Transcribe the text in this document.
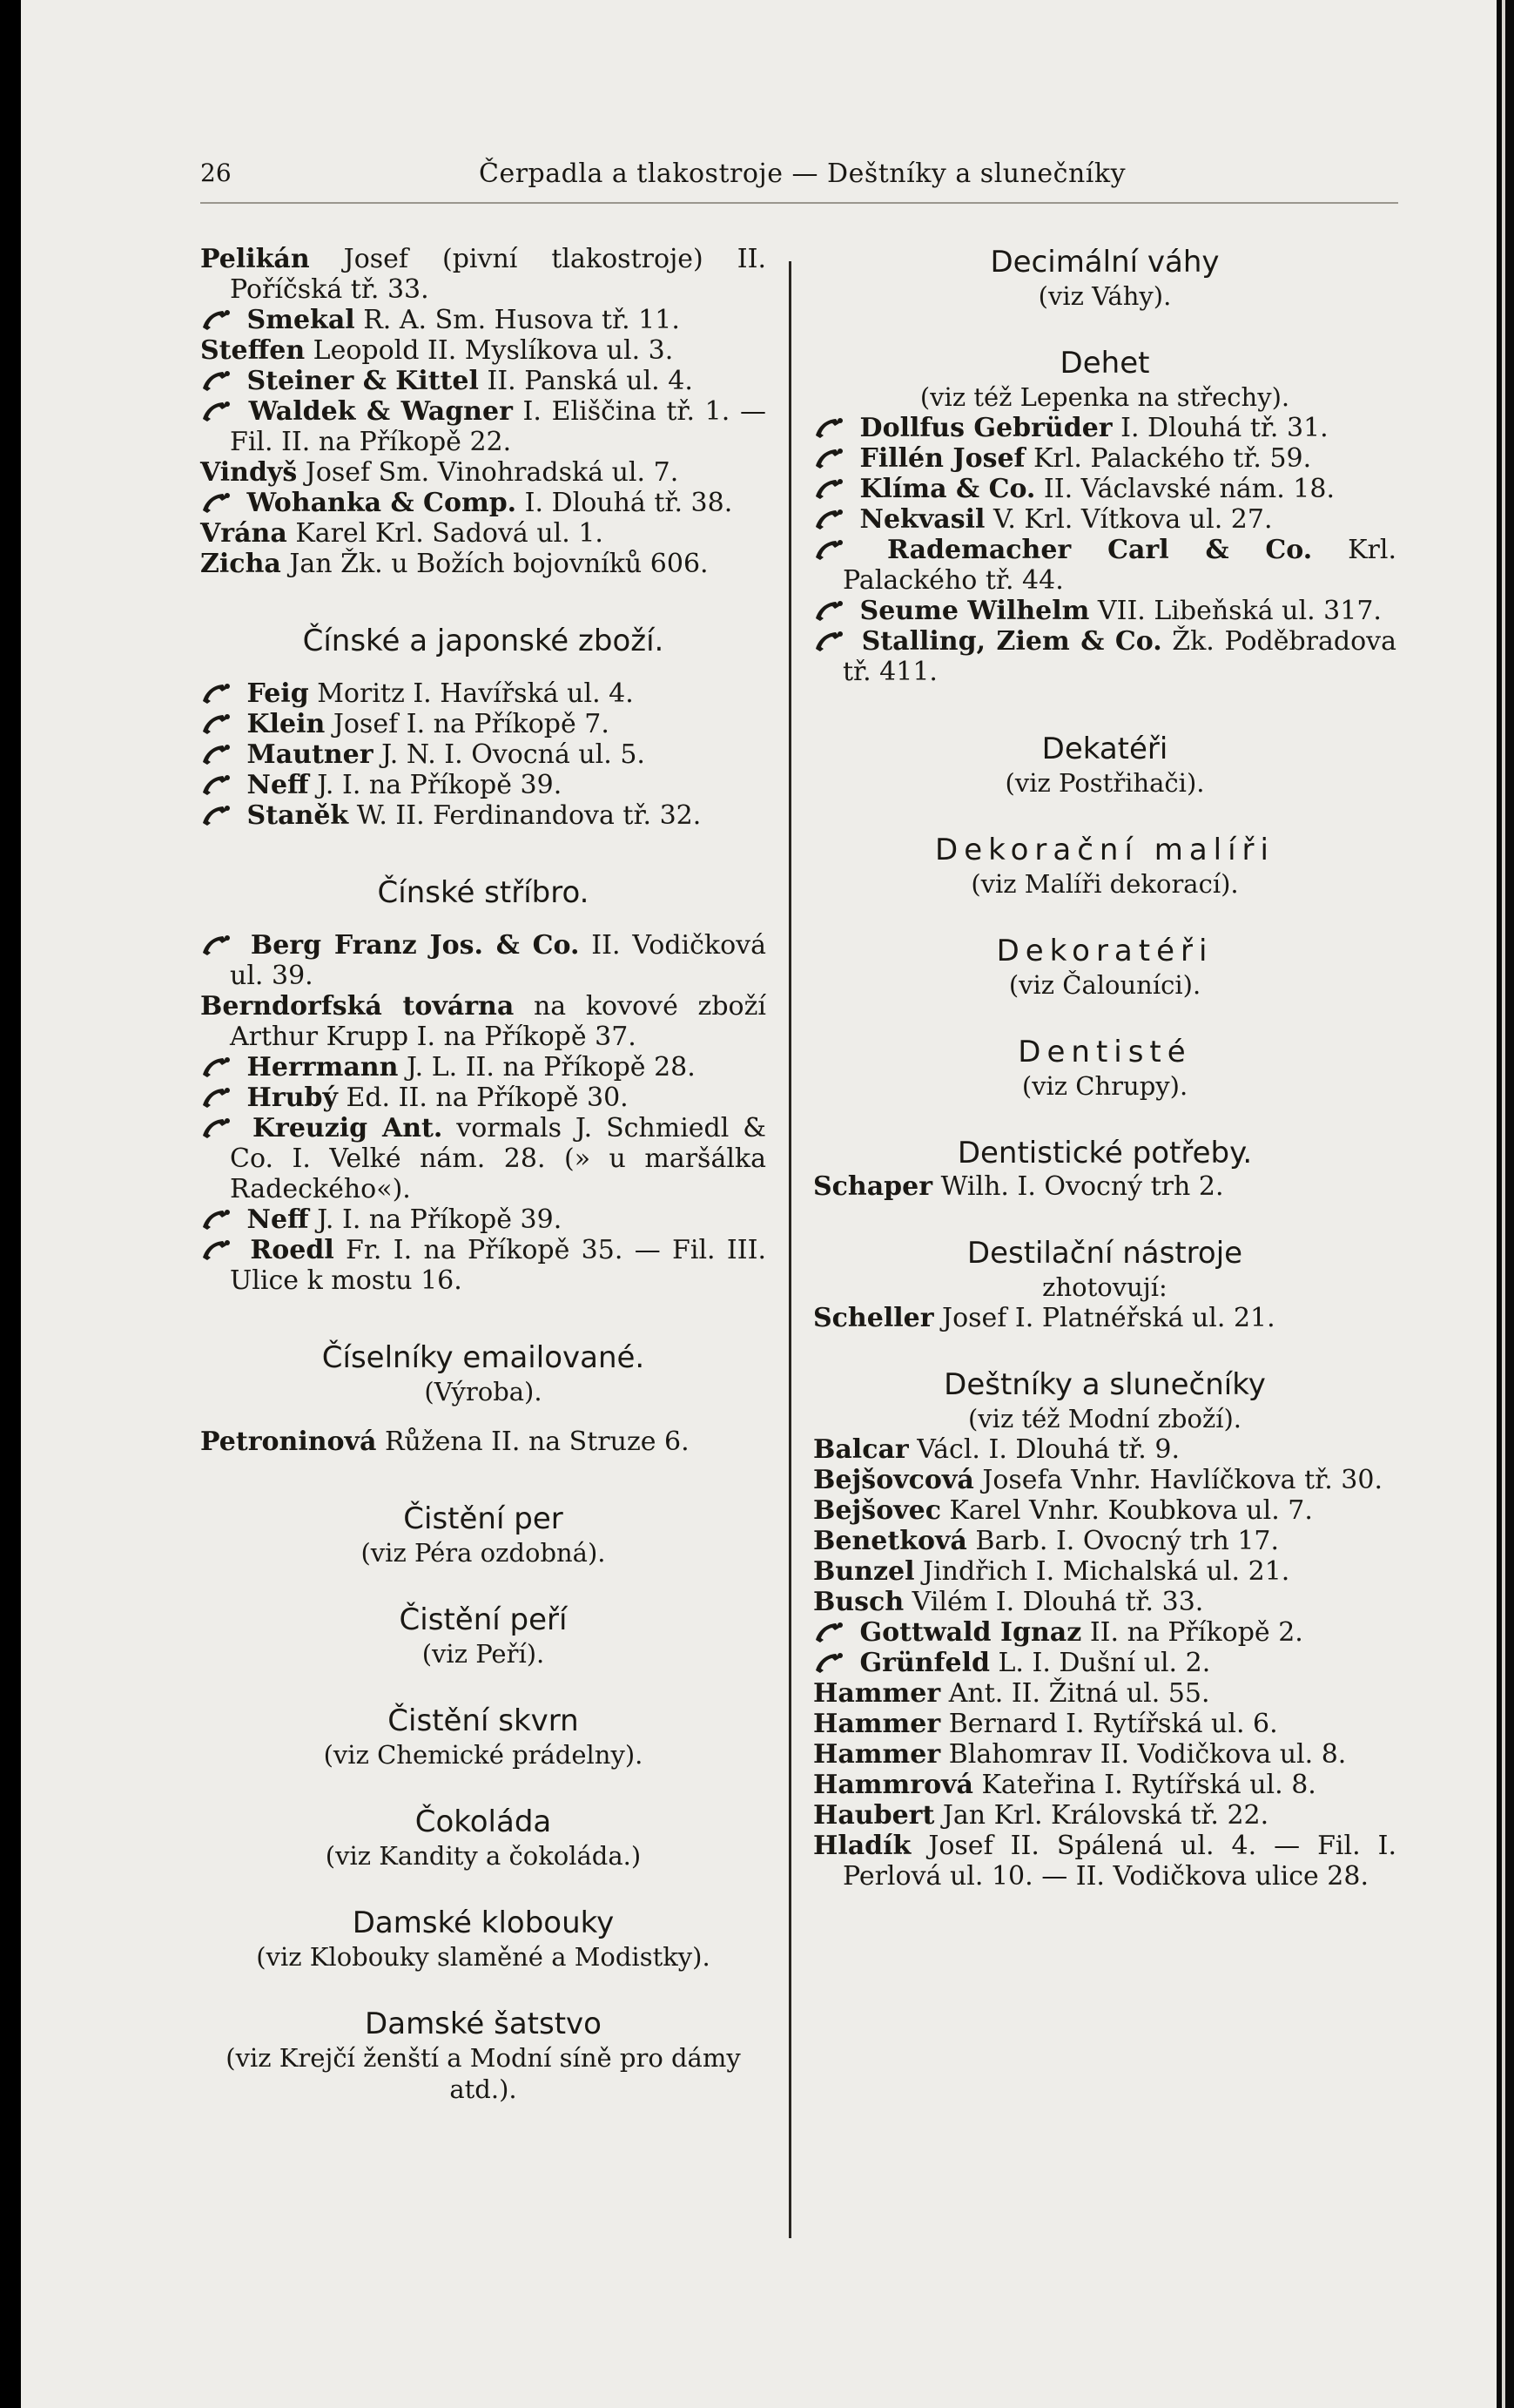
26	Čerpadla a tlakostroje — Deštníky a slunečníky

Pelikán Josef (pivní tlakostroje) II. Poříčská tř. 33.

Smekal R. A. Sm. Husova tř. 11.

Steffen Leopold II. Myslíkova ul. 3.

Steiner & Kittel II. Panská ul. 4.

Waldek & Wagner I. Eliščina tř. 1. — Fil. II. na Příkopě 22.

Vindyš Josef Sm. Vinohradská ul. 7.

Wohanka & Comp. I. Dlouhá tř. 38.

Vrána Karel Krl. Sadová ul. 1.

Zicha Jan Žk. u Božích bojovníků 606.

Čínské a japonské zboží.

Feig Moritz I. Havířská ul. 4.

Klein Josef I. na Příkopě 7.

Mautner J. N. I. Ovocná ul. 5.

Neff J. I. na Příkopě 39.

Staněk W. II. Ferdinandova tř. 32.

Čínské stříbro.

Berg Franz Jos. & Co. II. Vodičková ul. 39.

Berndorfská továrna na kovové zboží Arthur Krupp I. na Příkopě 37.

Herrmann J. L. II. na Příkopě 28.

Hrubý Ed. II. na Příkopě 30.

Kreuzig Ant. vormals J. Schmiedl & Co. I. Velké nám. 28. (» u maršálka Radeckého«).

Neff J. I. na Příkopě 39.

Roedl Fr. I. na Příkopě 35. — Fil. III. Ulice k mostu 16.

Číselníky emailované.

(Výroba).

Petroninová Růžena II. na Struze 6.

Čistění per

(viz Péra ozdobná).

Čistění peří

(viz Peří).

Čistění skvrn

(viz Chemické prádelny).

Čokoláda

(viz Kandity a čokoláda.)

Damské klobouky

(viz Klobouky slaměné a Modistky).

Damské šatstvo

(viz Krejčí ženští a Modní síně pro dámy atd.).

Decimální váhy

(viz Váhy).

Dehet

(viz též Lepenka na střechy).

Dollfus Gebrüder I. Dlouhá tř. 31.

Fillén Josef Krl. Palackého tř. 59.

Klíma & Co. II. Václavské nám. 18.

Nekvasil V. Krl. Vítkova ul. 27.

Rademacher Carl & Co. Krl. Palackého tř. 44.

Seume Wilhelm VII. Libeňská ul. 317.

Stalling, Ziem & Co. Žk. Poděbradova tř. 411.

Dekatéři

(viz Postřihači).

Dekorační malíři

(viz Malíři dekorací).

Dekoratéři

(viz Čalouníci).

Dentisté

(viz Chrupy).

Dentistické potřeby.

Schaper Wilh. I. Ovocný trh 2.

Destilační nástroje

zhotovují:

Scheller Josef I. Platnéřská ul. 21.

Deštníky a slunečníky

(viz též Modní zboží).

Balcar Václ. I. Dlouhá tř. 9.

Bejšovcová Josefa Vnhr. Havlíčkova tř. 30.

Bejšovec Karel Vnhr. Koubkova ul. 7.

Benetková Barb. I. Ovocný trh 17.

Bunzel Jindřich I. Michalská ul. 21.

Busch Vilém I. Dlouhá tř. 33.

Gottwald Ignaz II. na Příkopě 2.

Grünfeld L. I. Dušní ul. 2.

Hammer Ant. II. Žitná ul. 55.

Hammer Bernard I. Rytířská ul. 6.

Hammer Blahomrav II. Vodičkova ul. 8.

Hammrová Kateřina I. Rytířská ul. 8.

Haubert Jan Krl. Královská tř. 22.

Hladík Josef II. Spálená ul. 4. — Fil. I. Perlová ul. 10. — II. Vodičkova ulice 28.
